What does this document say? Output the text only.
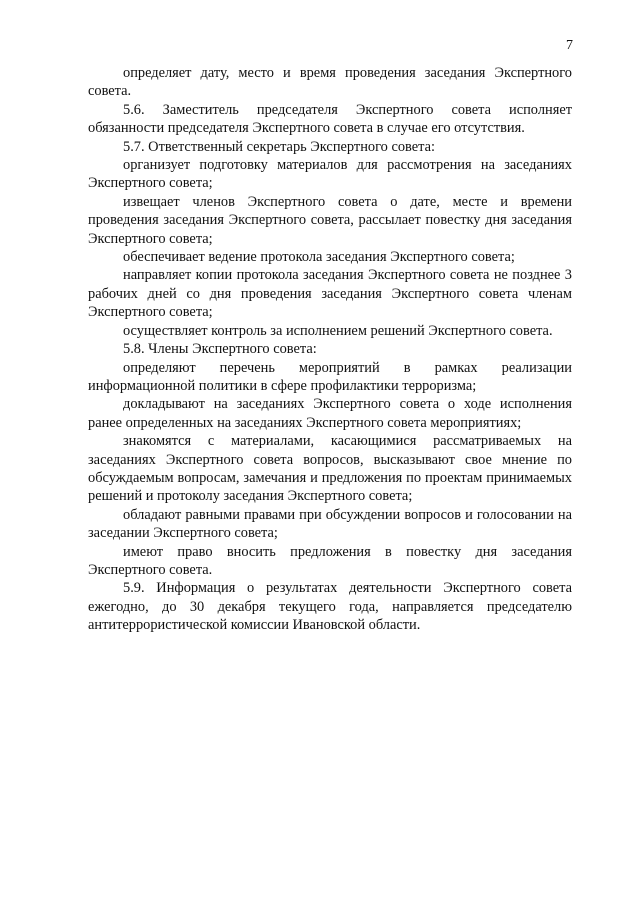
7

определяет дату, место и время проведения заседания Экспертного совета.

5.6. Заместитель председателя Экспертного совета исполняет обязанности председателя Экспертного совета в случае его отсутствия.

5.7. Ответственный секретарь Экспертного совета:

организует подготовку материалов для рассмотрения на заседаниях Экспертного совета;

извещает членов Экспертного совета о дате, месте и времени проведения заседания Экспертного совета, рассылает повестку дня заседания Экспертного совета;

обеспечивает ведение протокола заседания Экспертного совета;

направляет копии протокола заседания Экспертного совета не позднее 3 рабочих дней со дня проведения заседания Экспертного совета членам Экспертного совета;

осуществляет контроль за исполнением решений Экспертного совета.

5.8. Члены Экспертного совета:

определяют перечень мероприятий в рамках реализации информационной политики в сфере профилактики терроризма;

докладывают на заседаниях Экспертного совета о ходе исполнения ранее определенных на заседаниях Экспертного совета мероприятиях;

знакомятся с материалами, касающимися рассматриваемых на заседаниях Экспертного совета вопросов, высказывают свое мнение по обсуждаемым вопросам, замечания и предложения по проектам принимаемых решений и протоколу заседания Экспертного совета;

обладают равными правами при обсуждении вопросов и голосовании на заседании Экспертного совета;

имеют право вносить предложения в повестку дня заседания Экспертного совета.

5.9. Информация о результатах деятельности Экспертного совета ежегодно, до 30 декабря текущего года, направляется председателю антитеррористической комиссии Ивановской области.
